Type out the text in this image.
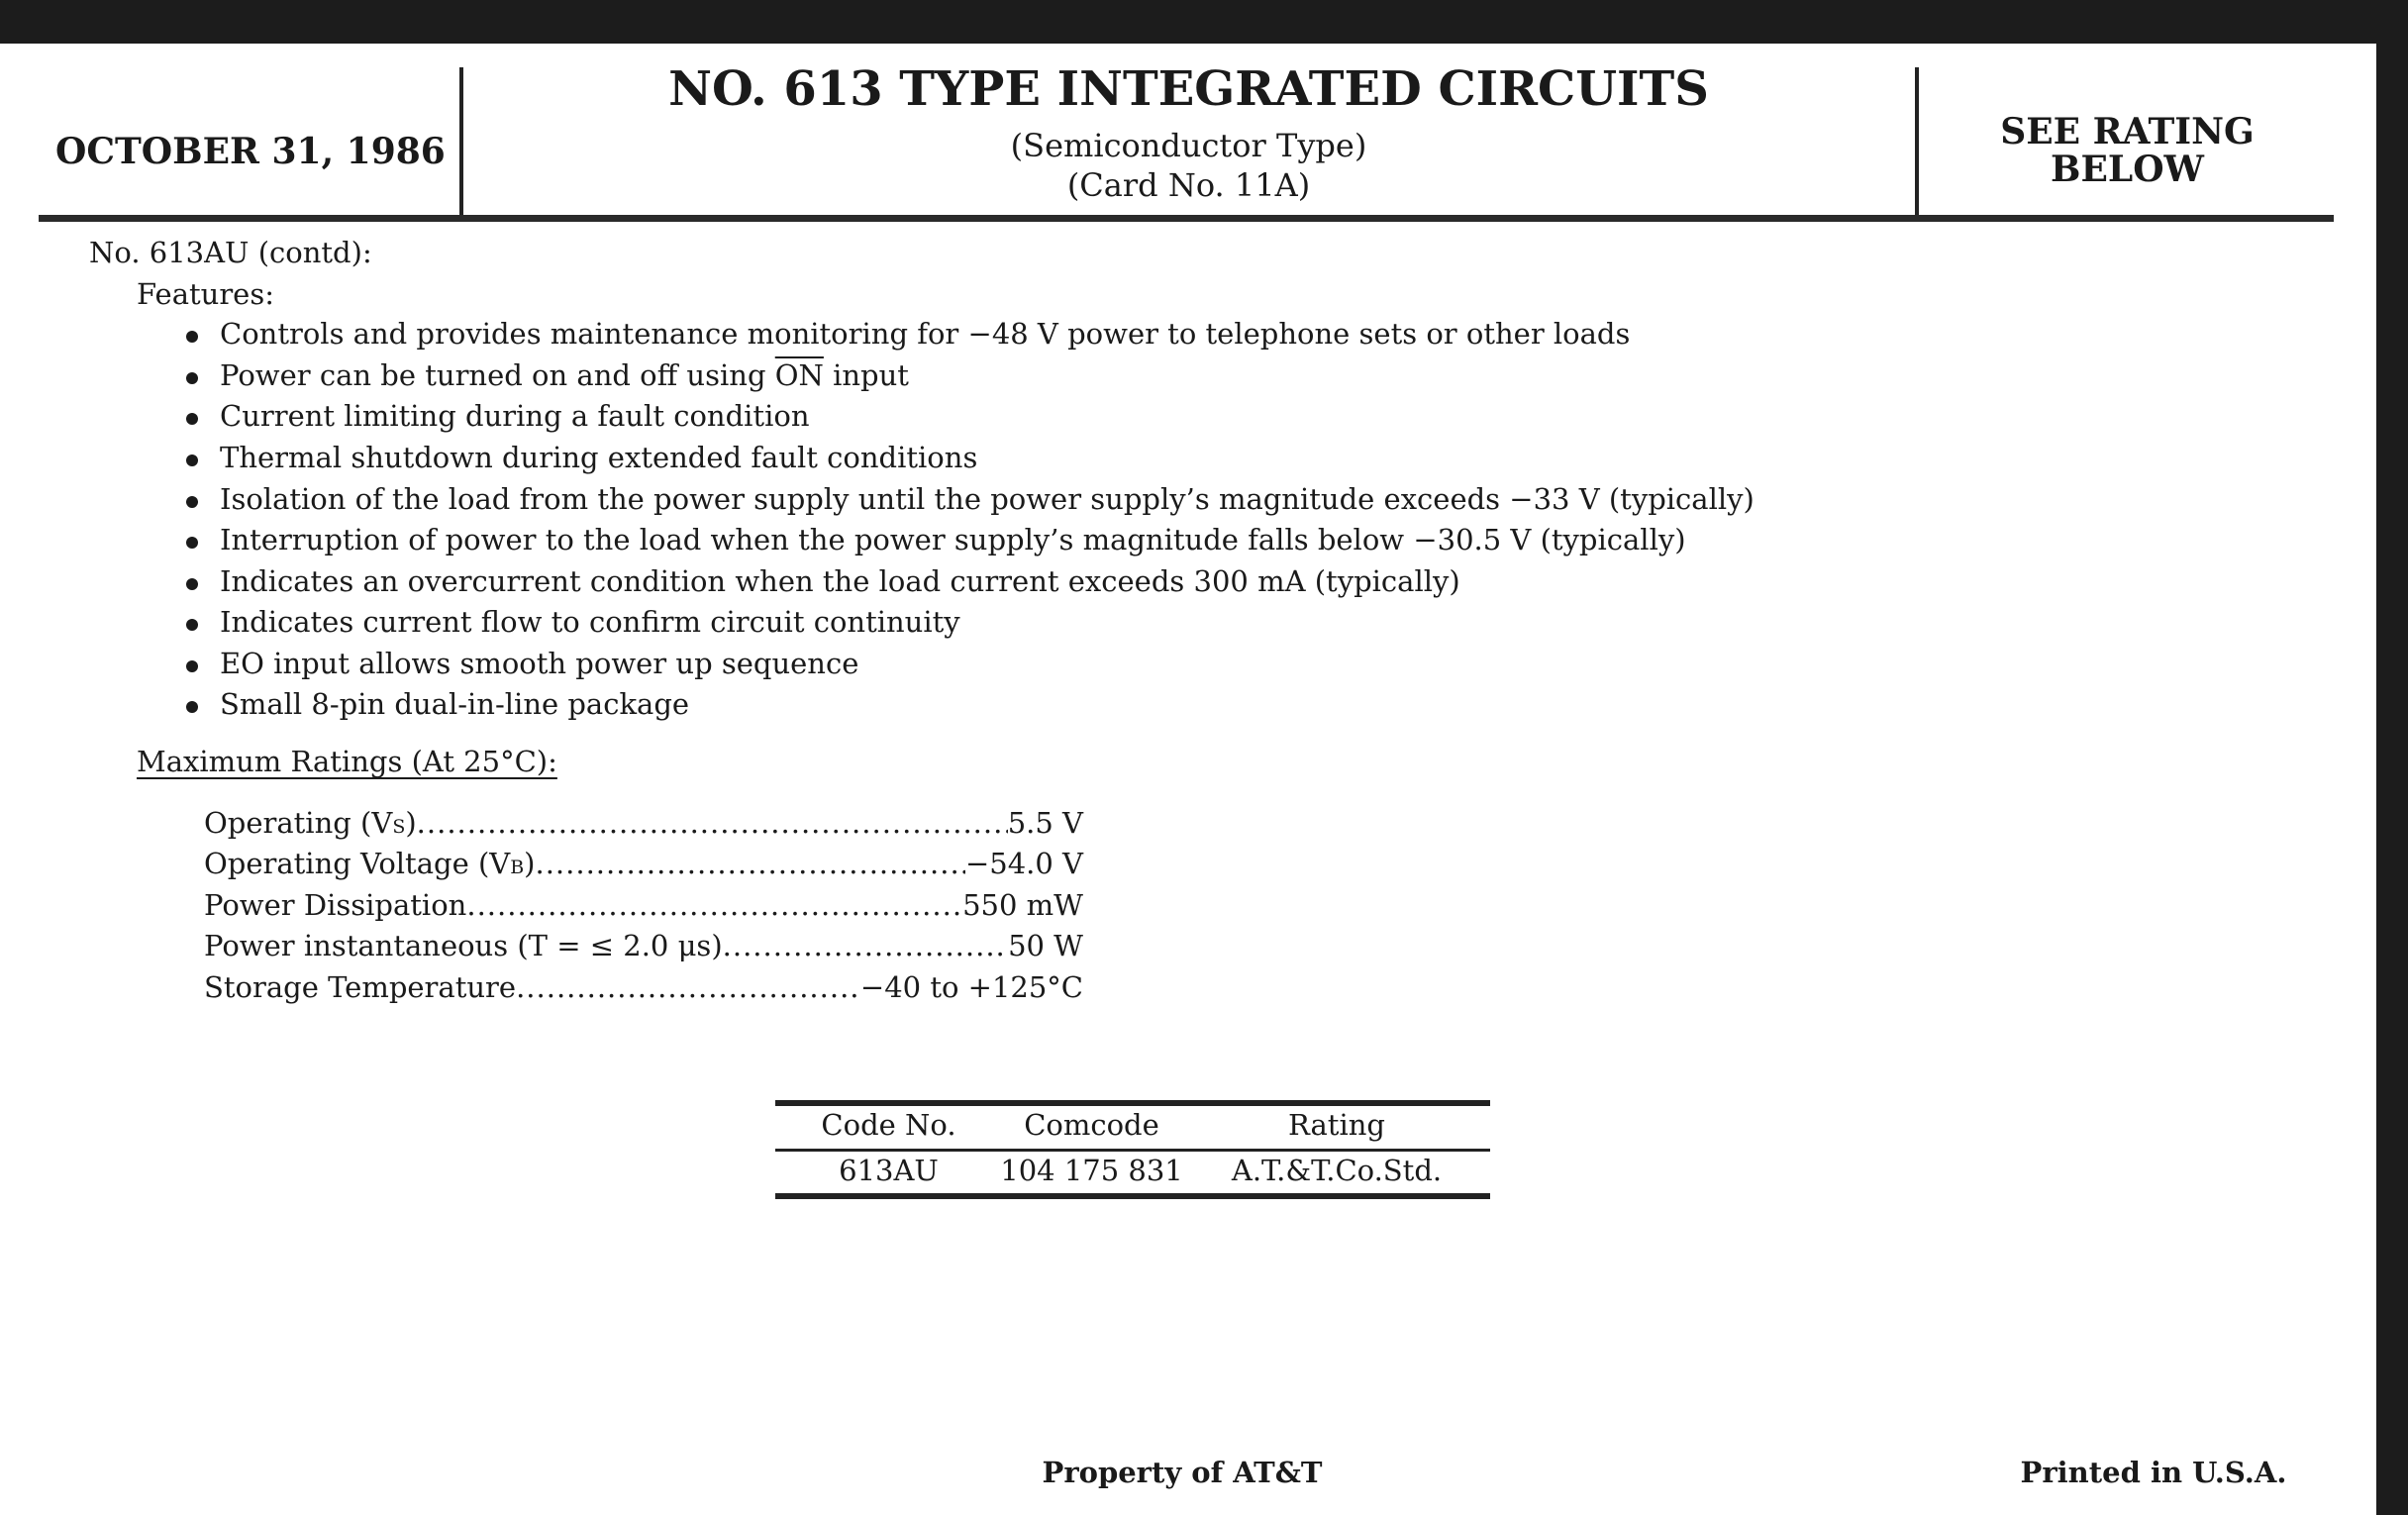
OCTOBER 31, 1986
NO. 613 TYPE INTEGRATED CIRCUITS
(Semiconductor Type)
(Card No. 11A)
SEE RATING BELOW
No. 613AU (contd):
Features:
Controls and provides maintenance monitoring for −48 V power to telephone sets or other loads
Power can be turned on and off using $\overline{ON}$ input
Current limiting during a fault condition
Thermal shutdown during extended fault conditions
Isolation of the load from the power supply until the power supply’s magnitude exceeds −33 V (typically)
Interruption of power to the load when the power supply’s magnitude falls below −30.5 V (typically)
Indicates an overcurrent condition when the load current exceeds 300 mA (typically)
Indicates current flow to confirm circuit continuity
EO input allows smooth power up sequence
Small 8-pin dual-in-line package
Maximum Ratings (At 25°C):
Operating (V S ) .....	5.5 V
Operating Voltage (V B ) .....	−54.0 V
Power Dissipation .....	550 mW
Power instantaneous (T = ≤ 2.0 μs) .....	50 W
Storage Temperature .....	−40 to +125°C
Code No.	Comcode	Rating
613AU	104 175 831	A.T.&T.Co.Std.
Property of AT&T	Printed in U.S.A.
